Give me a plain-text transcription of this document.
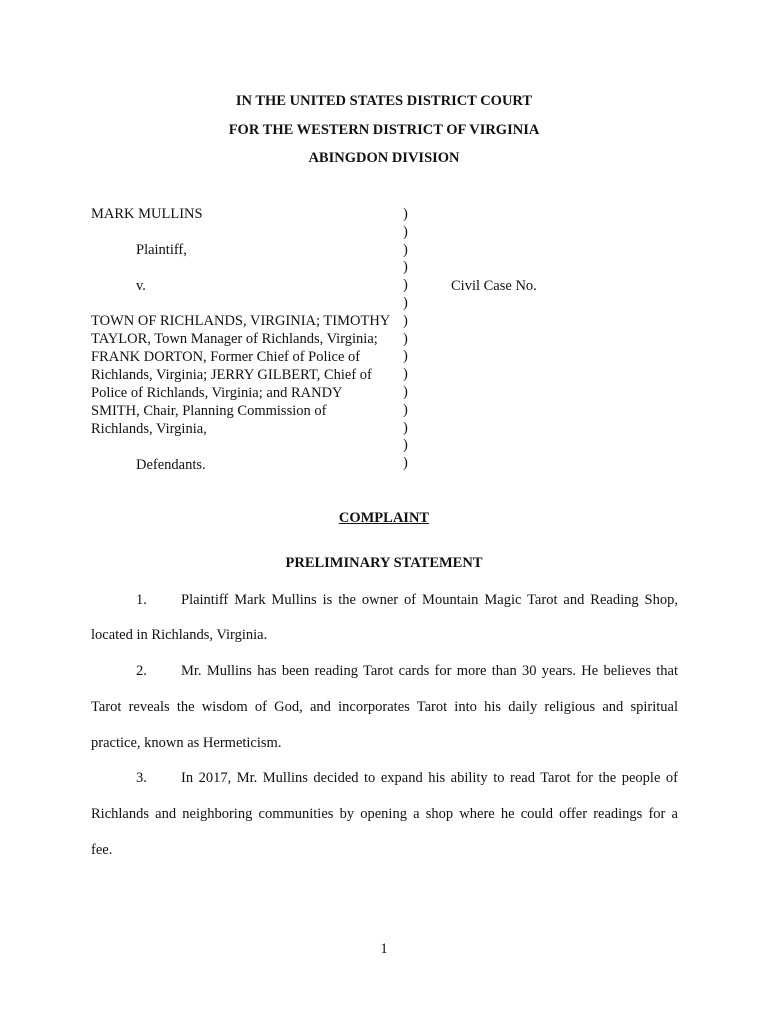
IN THE UNITED STATES DISTRICT COURT
FOR THE WESTERN DISTRICT OF VIRGINIA
ABINGDON DIVISION
MARK MULLINS
Plaintiff,
v.	Civil Case No.
TOWN OF RICHLANDS, VIRGINIA; TIMOTHY
TAYLOR, Town Manager of Richlands, Virginia;
FRANK DORTON, Former Chief of Police of
Richlands, Virginia; JERRY GILBERT, Chief of
Police of Richlands, Virginia; and RANDY
SMITH, Chair, Planning Commission of
Richlands, Virginia,
Defendants.
)
)
)
)
)
)
)
)
)
)
)
)
)
)
)
COMPLAINT
PRELIMINARY STATEMENT
1. Plaintiff Mark Mullins is the owner of Mountain Magic Tarot and Reading Shop,
located in Richlands, Virginia.
2. Mr. Mullins has been reading Tarot cards for more than 30 years. He believes that
Tarot reveals the wisdom of God, and incorporates Tarot into his daily religious and spiritual
practice, known as Hermeticism.
3. In 2017, Mr. Mullins decided to expand his ability to read Tarot for the people of
Richlands and neighboring communities by opening a shop where he could offer readings for a
fee.
1
